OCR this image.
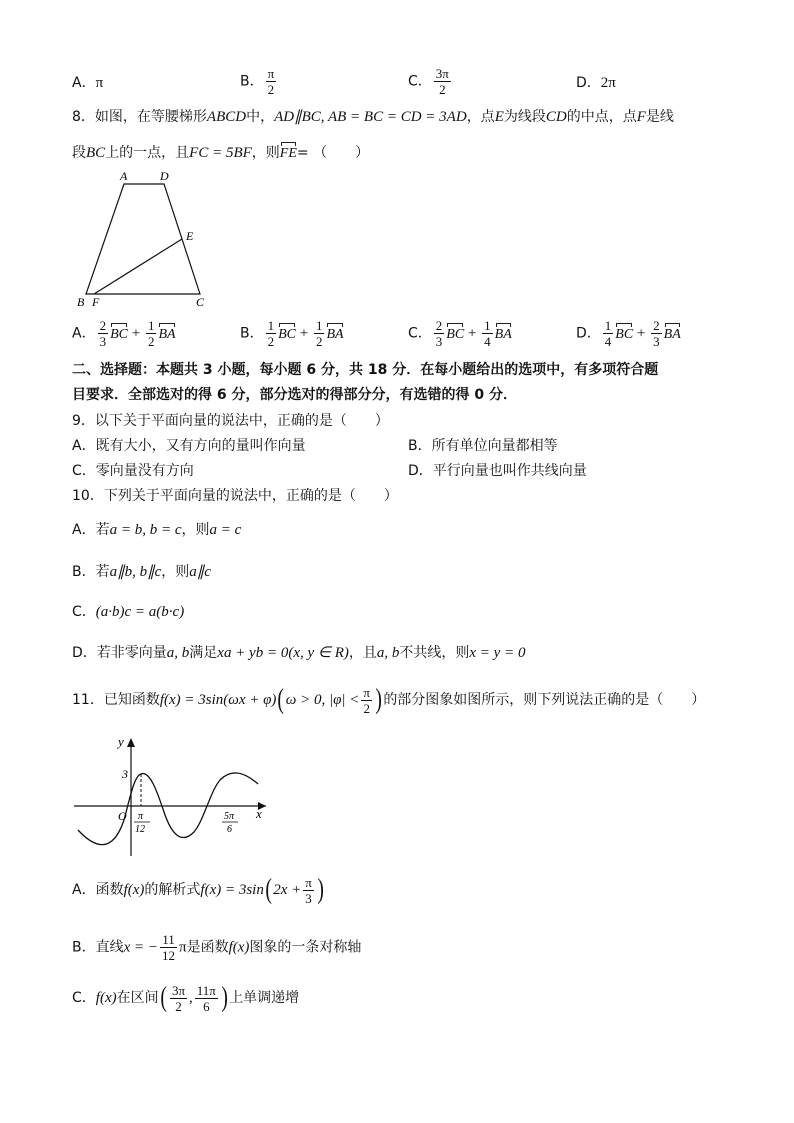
A．π	B． $\frac{\pi}{2}$	C． $\frac{3\pi}{2}$	D．2π
8．如图，在等腰梯形ABCD中，AD∥BC, AB = BC = CD = 3AD，点E为线段CD的中点，点F是线
段BC上的一点，且FC = 5BF，则FE= （　　）
A	D
E
B F	C
A． $\frac{2}{3}$ BC + $\frac{1}{2}$ BA	B． $\frac{1}{2}$ BC + $\frac{1}{2}$ BA	C． $\frac{2}{3}$ BC + $\frac{1}{4}$ BA	D． $\frac{1}{4}$ BC + $\frac{2}{3}$ BA
二、选择题：本题共 3 小题，每小题 6 分，共 18 分．在每小题给出的选项中，有多项符合题
目要求．全部选对的得 6 分，部分选对的得部分分，有选错的得 0 分．
9．以下关于平面向量的说法中，正确的是（　　）
A．既有大小，又有方向的量叫作向量	B．所有单位向量都相等
C．零向量没有方向	D．平行向量也叫作共线向量
10．下列关于平面向量的说法中，正确的是（　　）
A．若a = b, b = c，则a = c
B．若a∥b, b∥c，则a∥c
C．(a·b)c = a(b·c)
D．若非零向量a, b满足xa + yb = 0(x, y ∈ R)，且a, b不共线，则x = y = 0
11．已知函数f(x) = 3sin(ωx + φ)(ω > 0, $|\varphi| < \frac{\pi}{2}$ )的部分图象如图所示，则下列说法正确的是（　　）
y
x
O
3
π
12
5π
6
A．函数f(x)的解析式$f(x) = 3\sin(2x + \frac{\pi}{3}$ )
B．直线x = − $\frac{11}{12}$ π是函数f(x)图象的一条对称轴
C．f(x)在区间( $\frac{3\pi}{2}$ , $\frac{11\pi}{6}$ )上单调递增
